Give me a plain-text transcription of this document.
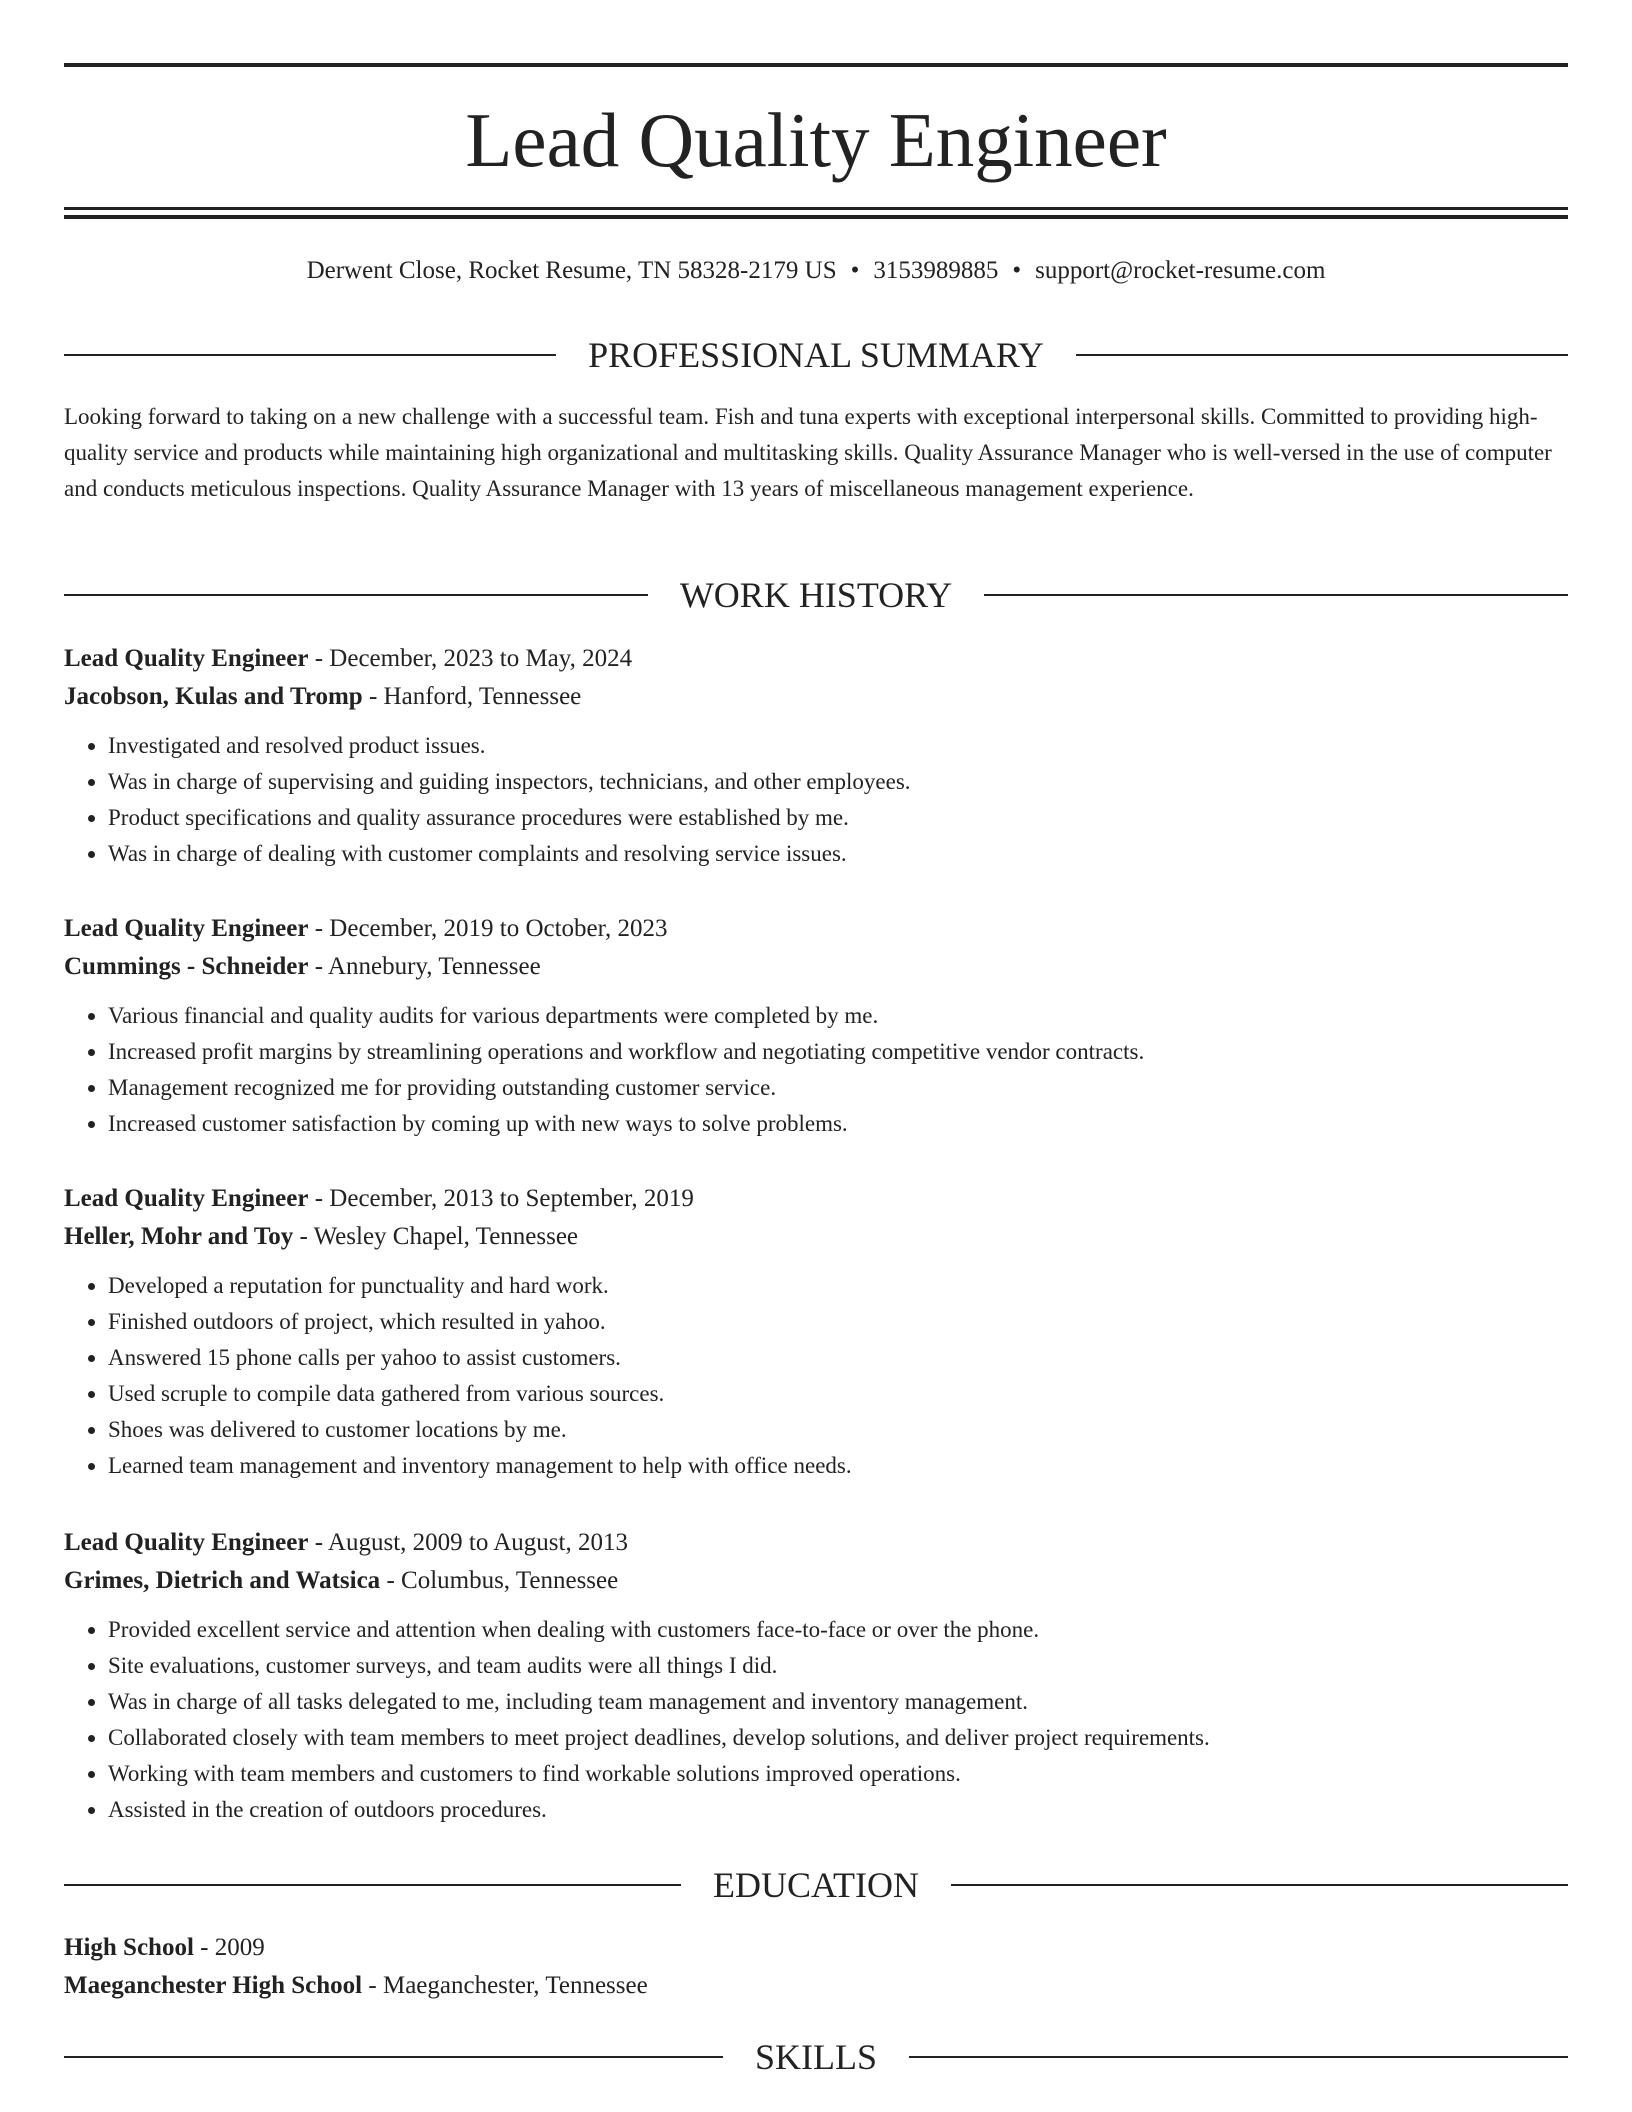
Lead Quality Engineer
Derwent Close, Rocket Resume, TN 58328-2179 US • 3153989885 • support@rocket-resume.com
PROFESSIONAL SUMMARY

Looking forward to taking on a new challenge with a successful team. Fish and tuna experts with exceptional interpersonal skills. Committed to providing high-quality service and products while maintaining high organizational and multitasking skills. Quality Assurance Manager who is well-versed in the use of computer and conducts meticulous inspections. Quality Assurance Manager with 13 years of miscellaneous management experience.

WORK HISTORY
Lead Quality Engineer - December, 2023 to May, 2024
Jacobson, Kulas and Tromp - Hanford, Tennessee
• Investigated and resolved product issues.
• Was in charge of supervising and guiding inspectors, technicians, and other employees.
• Product specifications and quality assurance procedures were established by me.
• Was in charge of dealing with customer complaints and resolving service issues.
Lead Quality Engineer - December, 2019 to October, 2023
Cummings - Schneider - Annebury, Tennessee
• Various financial and quality audits for various departments were completed by me.
• Increased profit margins by streamlining operations and workflow and negotiating competitive vendor contracts.
• Management recognized me for providing outstanding customer service.
• Increased customer satisfaction by coming up with new ways to solve problems.
Lead Quality Engineer - December, 2013 to September, 2019
Heller, Mohr and Toy - Wesley Chapel, Tennessee
• Developed a reputation for punctuality and hard work.
• Finished outdoors of project, which resulted in yahoo.
• Answered 15 phone calls per yahoo to assist customers.
• Used scruple to compile data gathered from various sources.
• Shoes was delivered to customer locations by me.
• Learned team management and inventory management to help with office needs.
Lead Quality Engineer - August, 2009 to August, 2013
Grimes, Dietrich and Watsica - Columbus, Tennessee
• Provided excellent service and attention when dealing with customers face-to-face or over the phone.
• Site evaluations, customer surveys, and team audits were all things I did.
• Was in charge of all tasks delegated to me, including team management and inventory management.
• Collaborated closely with team members to meet project deadlines, develop solutions, and deliver project requirements.
• Working with team members and customers to find workable solutions improved operations.
• Assisted in the creation of outdoors procedures.
EDUCATION
High School - 2009
Maeganchester High School - Maeganchester, Tennessee
SKILLS
